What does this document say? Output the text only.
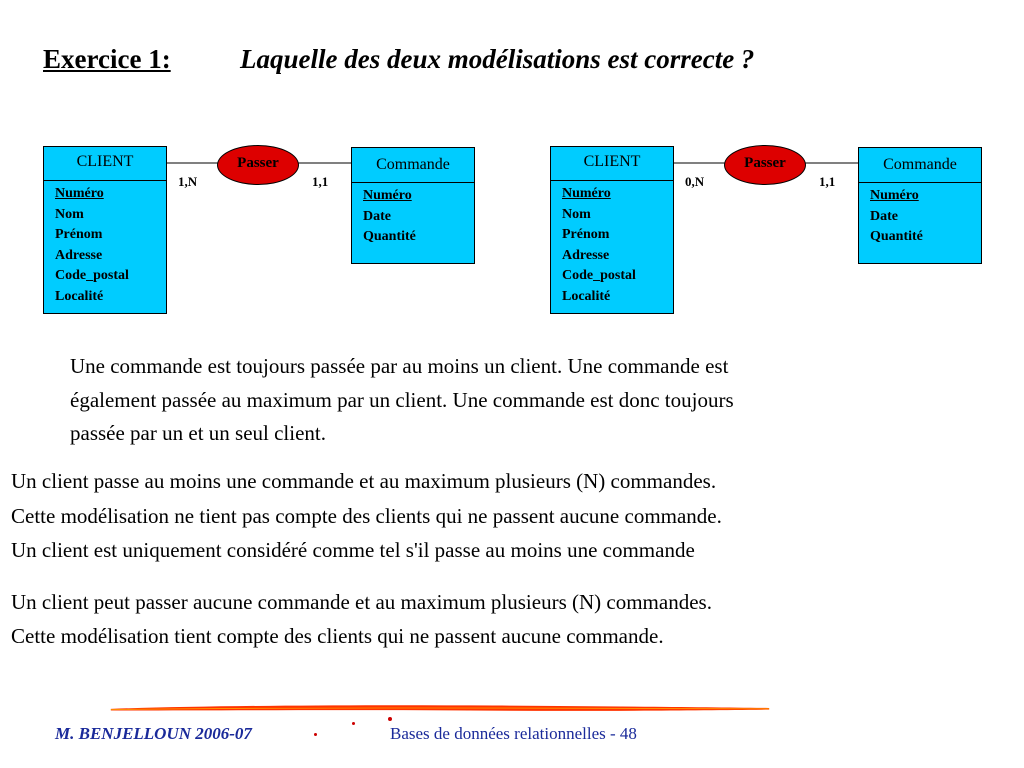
Exercice 1:	Laquelle des deux modélisations est correcte ?
CLIENT
Numéro
Nom
Prénom
Adresse
Code_postal
Localité
Passer
1,N	1,1
Commande
Numéro
Date
Quantité
CLIENT
Numéro
Nom
Prénom
Adresse
Code_postal
Localité
Passer
0,N	1,1
Commande
Numéro
Date
Quantité
Une commande est toujours passée par au moins un client. Une commande est
également passée au maximum par un client. Une commande est donc toujours
passée par un et un seul client.
Un client passe au moins une commande et au maximum plusieurs (N) commandes.
Cette modélisation ne tient pas compte des clients qui ne passent aucune commande.
Un client est uniquement considéré comme tel s'il passe au moins une commande
Un client peut passer aucune commande et au maximum plusieurs (N) commandes.
Cette modélisation tient compte des clients qui ne passent aucune commande.
M. BENJELLOUN 2006-07	Bases de données relationnelles - 48
